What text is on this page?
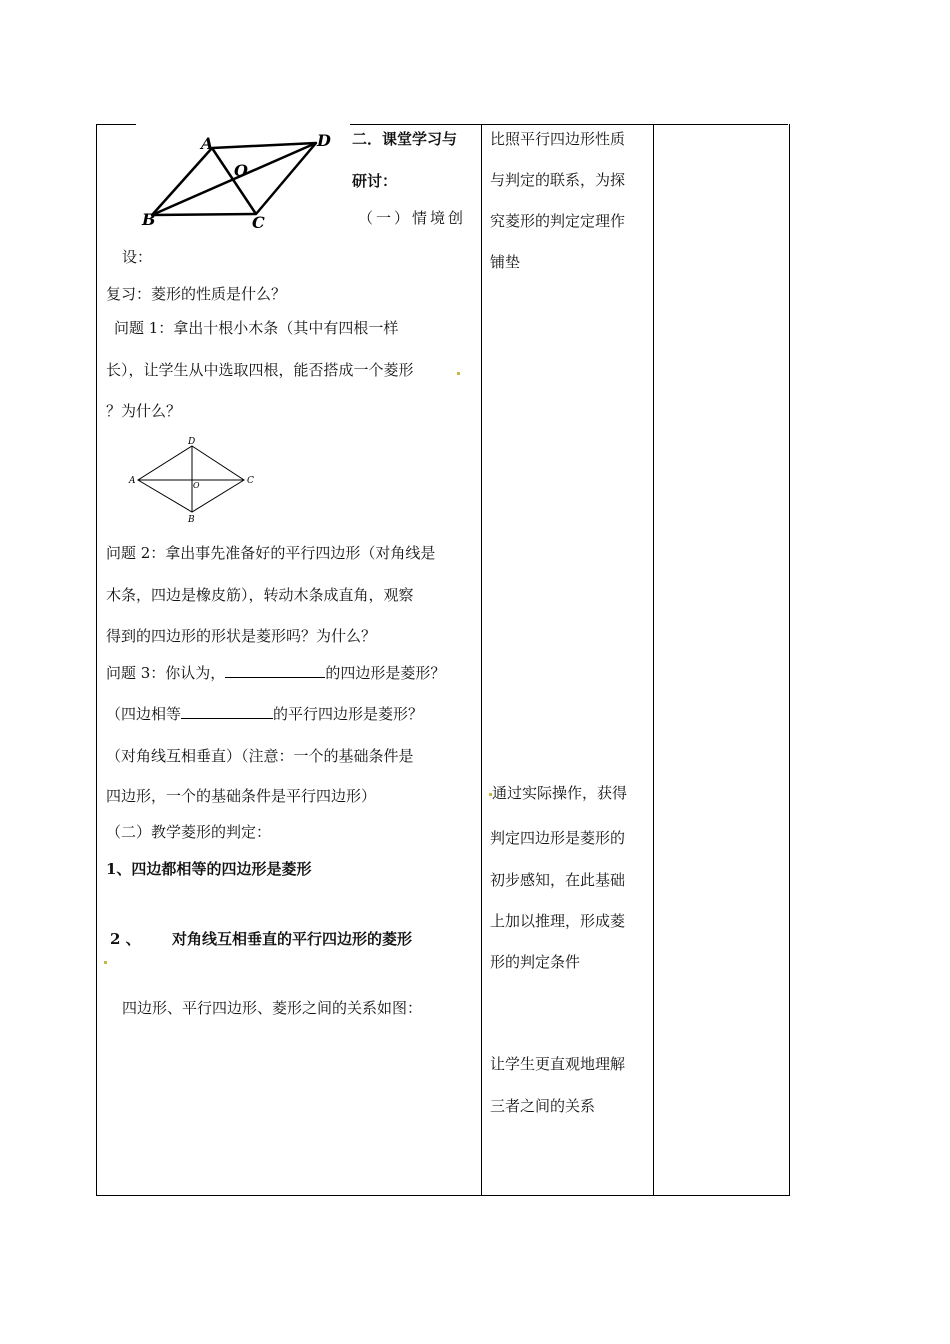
A	D
O
B	C
D
A	O	C
B
二．课堂学习与
研讨：
（一）情境创
设：
复习：菱形的性质是什么？
问题 1：拿出十根小木条（其中有四根一样
长），让学生从中选取四根，能否搭成一个菱形
？为什么？
问题 2：拿出事先准备好的平行四边形（对角线是
木条，四边是橡皮筋），转动木条成直角，观察
得到的四边形的形状是菱形吗？为什么？
问题 3：你认为，	的四边形是菱形？
（四边相等	的平行四边形是菱形？
（对角线互相垂直）（注意：一个的基础条件是
四边形，一个的基础条件是平行四边形）
（二）教学菱形的判定：
1、四边都相等的四边形是菱形
2 、 对角线互相垂直的平行四边形的菱形
四边形、平行四边形、菱形之间的关系如图：
比照平行四边形性质
与判定的联系，为探
究菱形的判定定理作
铺垫
通过实际操作，获得
判定四边形是菱形的
初步感知，在此基础
上加以推理，形成菱
形的判定条件
让学生更直观地理解
三者之间的关系
